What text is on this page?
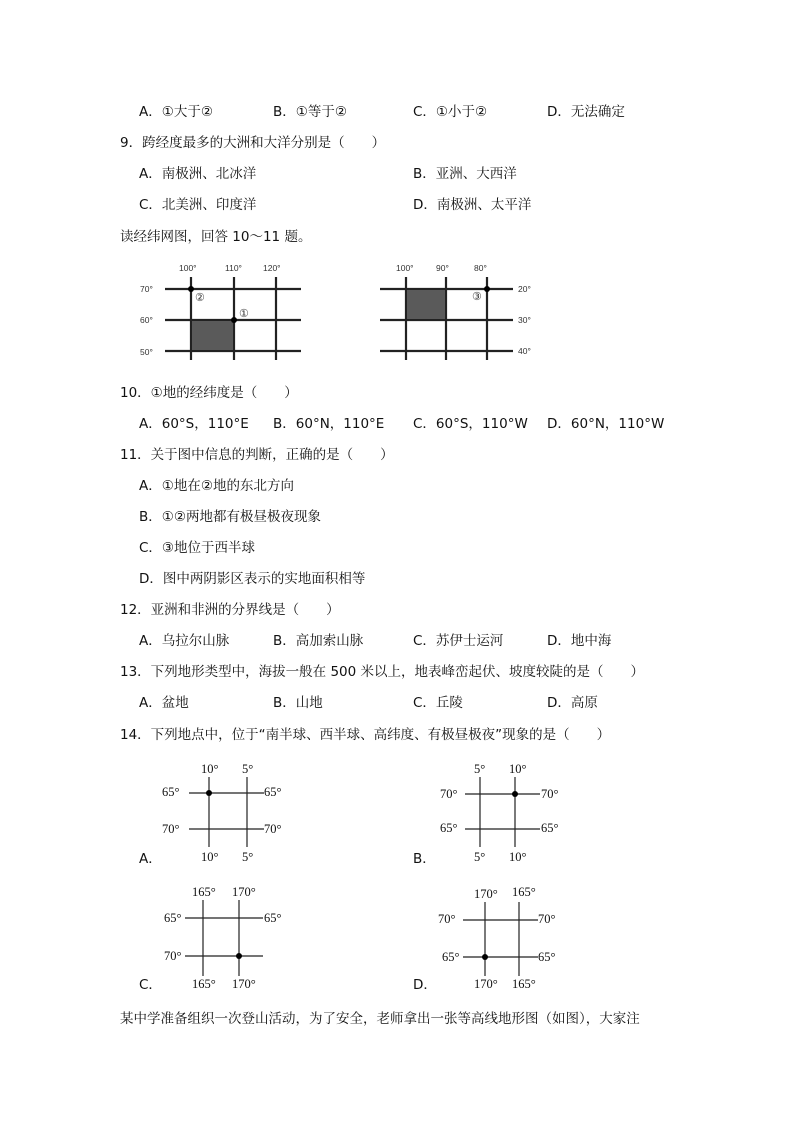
A．①大于②	B．①等于②	C．①小于②	D．无法确定
9．跨经度最多的大洲和大洋分别是（　　）
A．南极洲、北冰洋	B．亚洲、大西洋
C．北美洲、印度洋	D．南极洲、太平洋
读经纬网图，回答 10～11 题。
100°	110° 120°
70°
60°
50°
②
①
100°	90°	80°
20°
30°
40°
③
10．①地的经纬度是（　　）
A．60°S，110°E B．60°N，110°E C．60°S，110°W D．60°N，110°W
11．关于图中信息的判断，正确的是（　　）
A．①地在②地的东北方向
B．①②两地都有极昼极夜现象
C．③地位于西半球
D．图中两阴影区表示的实地面积相等
12．亚洲和非洲的分界线是（　　）
A．乌拉尔山脉	B．高加索山脉	C．苏伊士运河	D．地中海
13．下列地形类型中，海拔一般在 500 米以上，地表峰峦起伏、坡度较陡的是（　　）
A．盆地	B．山地	C．丘陵	D．高原
14．下列地点中，位于“南半球、西半球、高纬度、有极昼极夜”现象的是（　　）
A．
10° 5°
10° 5°
65°
70°
65°
70°
B．
5° 10°
5° 10°
70°
65°
70°
65°
C．
165° 170°
165° 170°
65°
70°
65°
D．
170° 165°
170° 165°
70°
65°
70°
65°
某中学准备组织一次登山活动，为了安全，老师拿出一张等高线地形图（如图），大家注
